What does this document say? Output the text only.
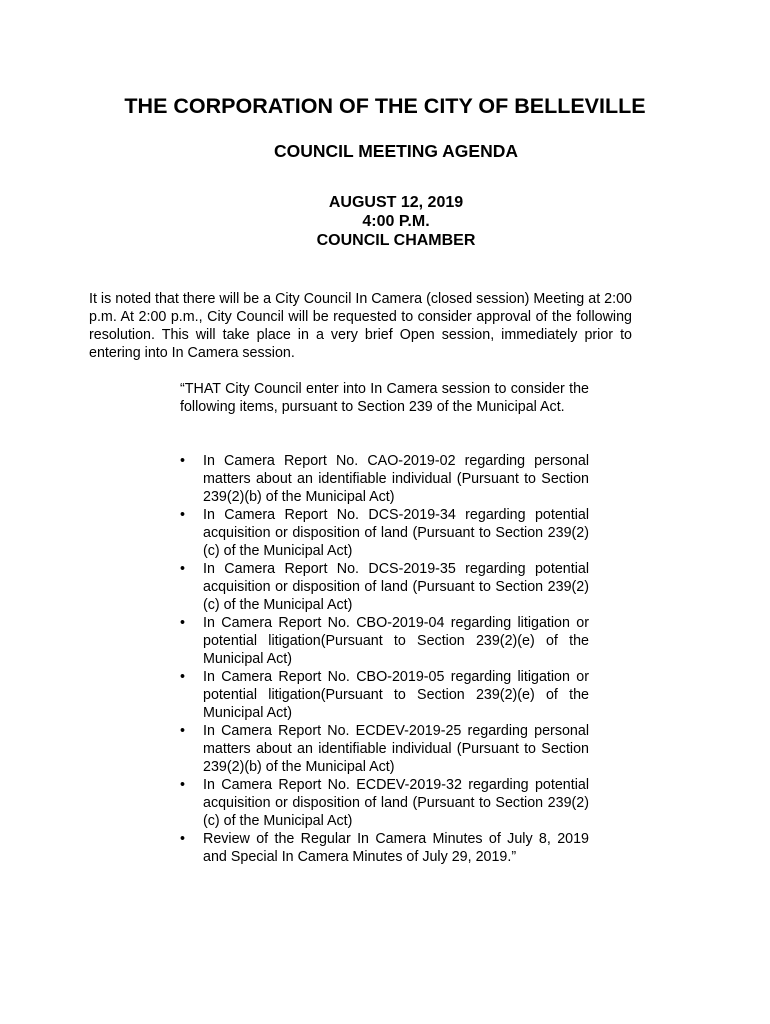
THE CORPORATION OF THE CITY OF BELLEVILLE
COUNCIL MEETING AGENDA
AUGUST 12, 2019
4:00 P.M.
COUNCIL CHAMBER

It is noted that there will be a City Council In Camera (closed session) Meeting at 2:00 p.m. At 2:00 p.m., City Council will be requested to consider approval of the following resolution. This will take place in a very brief Open session, immediately prior to entering into In Camera session.

“THAT City Council enter into In Camera session to consider the following items, pursuant to Section 239 of the Municipal Act.

•	In Camera Report No. CAO-2019-02 regarding personal matters about an identifiable individual (Pursuant to Section 239(2)(b) of the Municipal Act)
•	In Camera Report No. DCS-2019-34 regarding potential acquisition or disposition of land (Pursuant to Section 239(2)(c) of the Municipal Act)
•	In Camera Report No. DCS-2019-35 regarding potential acquisition or disposition of land (Pursuant to Section 239(2)(c) of the Municipal Act)
•	In Camera Report No. CBO-2019-04 regarding litigation or potential litigation(Pursuant to Section 239(2)(e) of the Municipal Act)
•	In Camera Report No. CBO-2019-05 regarding litigation or potential litigation(Pursuant to Section 239(2)(e) of the Municipal Act)
•	In Camera Report No. ECDEV-2019-25 regarding personal matters about an identifiable individual (Pursuant to Section 239(2)(b) of the Municipal Act)
•	In Camera Report No. ECDEV-2019-32 regarding potential acquisition or disposition of land (Pursuant to Section 239(2)(c) of the Municipal Act)
•	Review of the Regular In Camera Minutes of July 8, 2019 and Special In Camera Minutes of July 29, 2019.”
